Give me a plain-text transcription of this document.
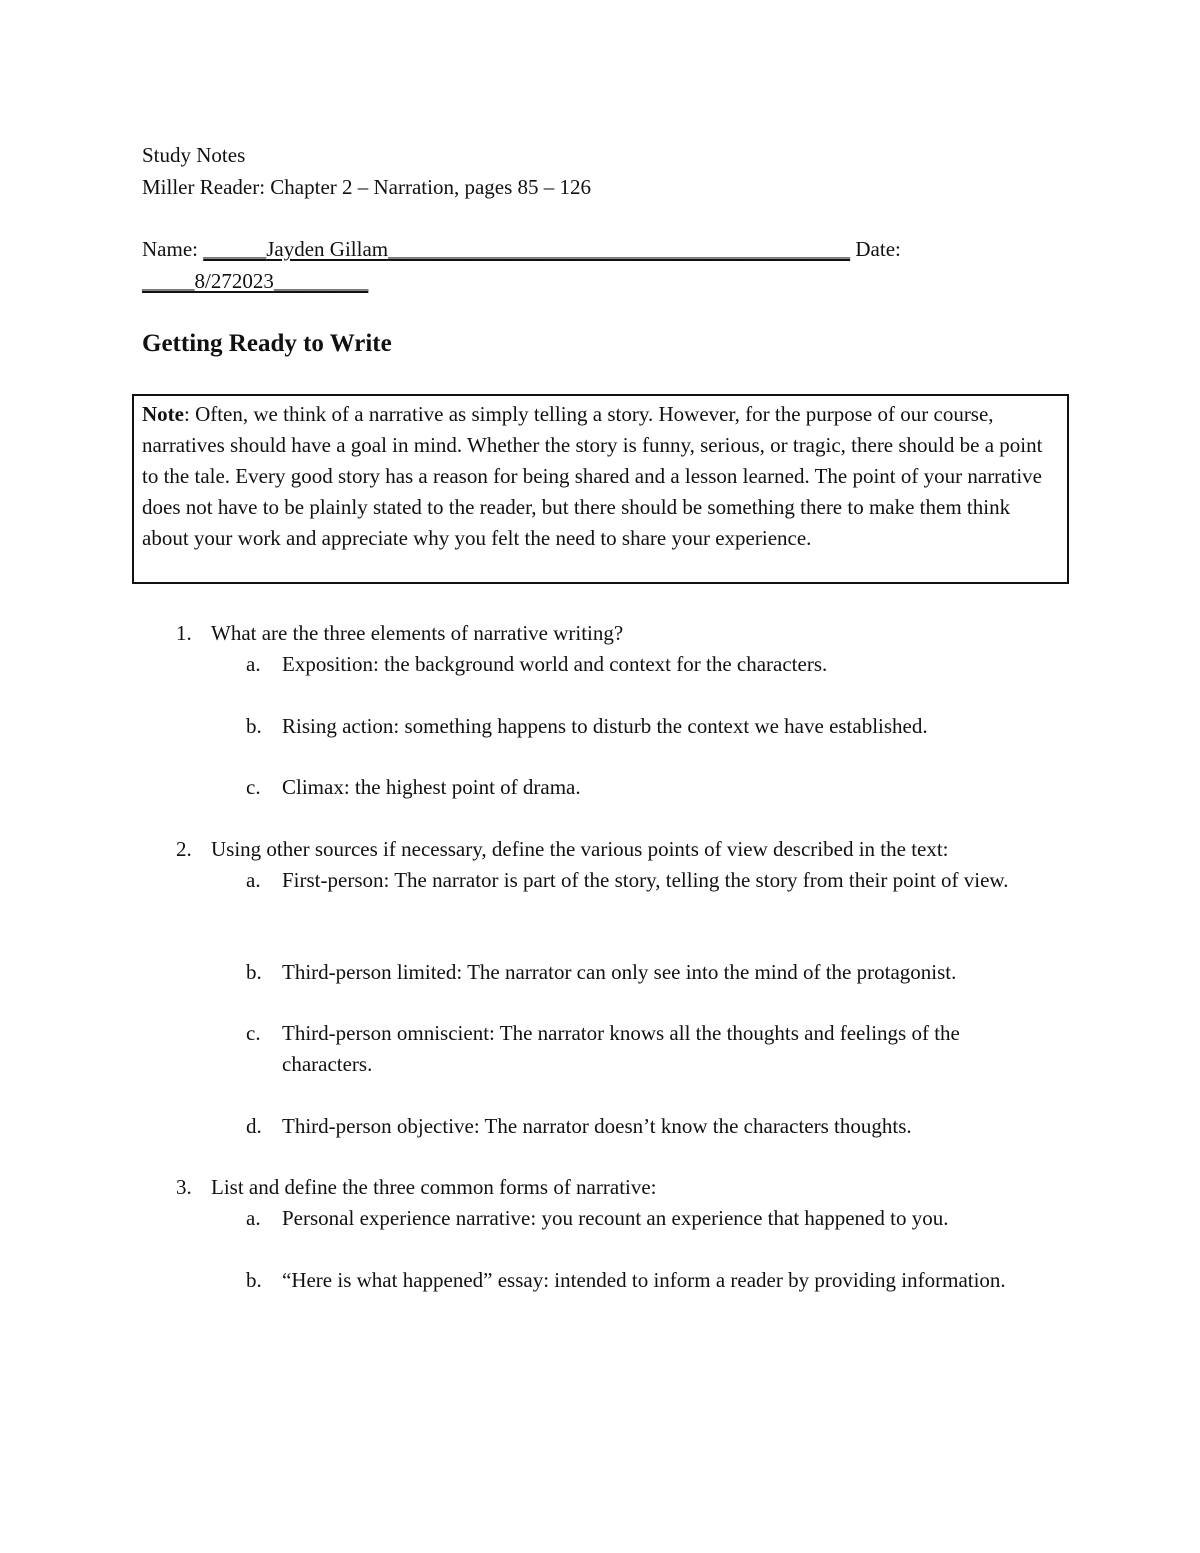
Study Notes
Miller Reader: Chapter 2 – Narration, pages 85 – 126
Name: ______Jayden Gillam____________________________________________ Date:
_____8/272023_________
Getting Ready to Write
Note: Often, we think of a narrative as simply telling a story. However, for the purpose of our course, narratives should have a goal in mind. Whether the story is funny, serious, or tragic, there should be a point to the tale. Every good story has a reason for being shared and a lesson learned. The point of your narrative does not have to be plainly stated to the reader, but there should be something there to make them think about your work and appreciate why you felt the need to share your experience.
1. What are the three elements of narrative writing?
a. Exposition: the background world and context for the characters.
b. Rising action: something happens to disturb the context we have established.
c. Climax: the highest point of drama.
2. Using other sources if necessary, define the various points of view described in the text:
a. First-person: The narrator is part of the story, telling the story from their point of view.
b. Third-person limited: The narrator can only see into the mind of the protagonist.
c. Third-person omniscient: The narrator knows all the thoughts and feelings of the characters.
d. Third-person objective: The narrator doesn’t know the characters thoughts.
3. List and define the three common forms of narrative:
a. Personal experience narrative: you recount an experience that happened to you.
b. “Here is what happened” essay: intended to inform a reader by providing information.
